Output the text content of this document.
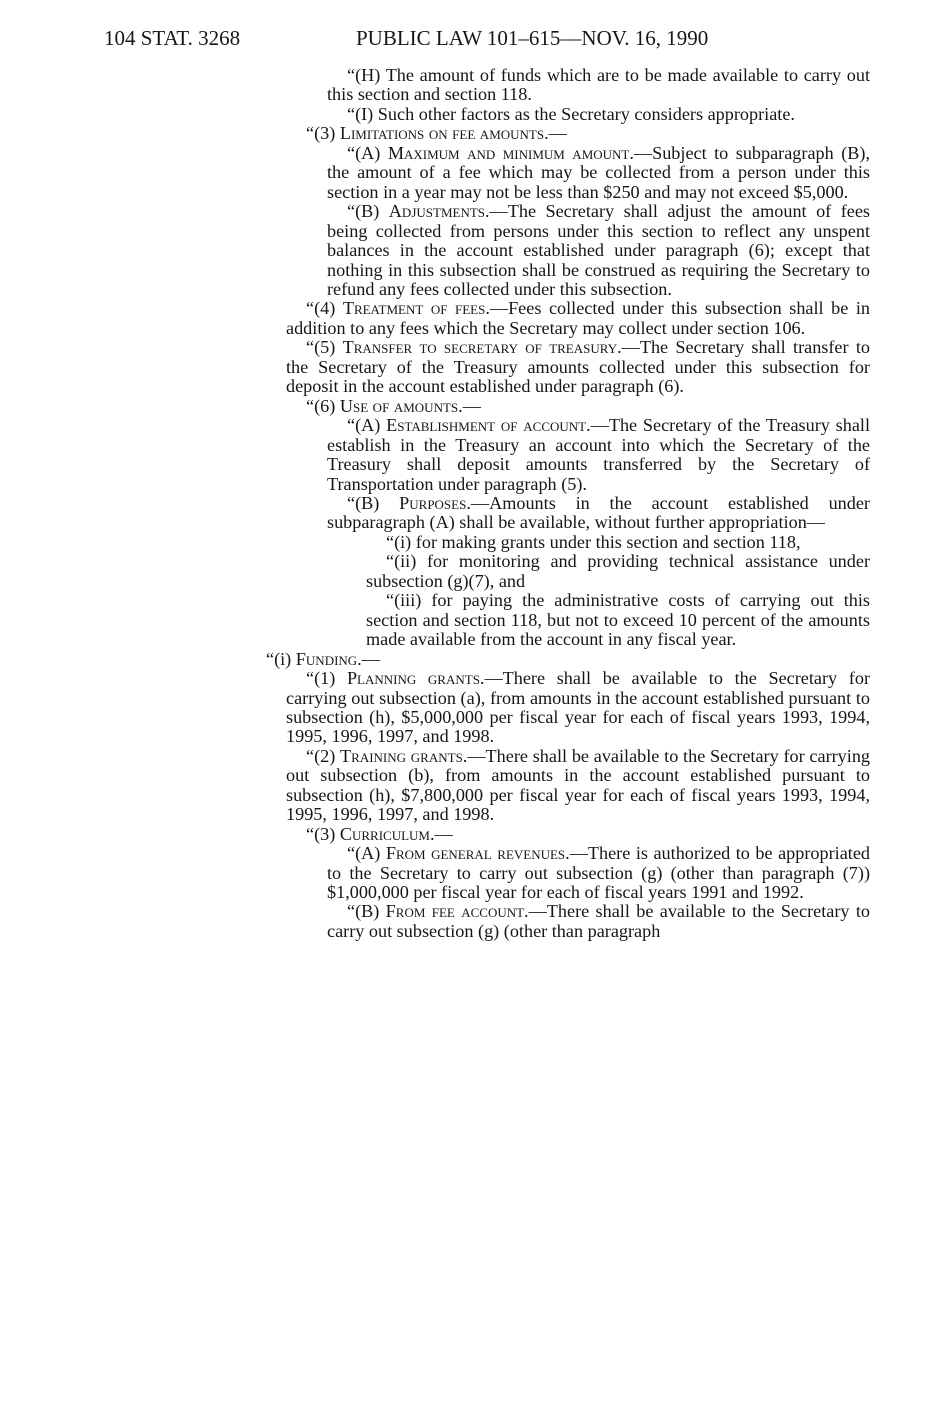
104 STAT. 3268	PUBLIC LAW 101–615—NOV. 16, 1990

“(H) The amount of funds which are to be made available to carry out this section and section 118.

“(I) Such other factors as the Secretary considers appropriate.

“(3) Limitations on fee amounts.—

“(A) Maximum and minimum amount.—Subject to subparagraph (B), the amount of a fee which may be collected from a person under this section in a year may not be less than $250 and may not exceed $5,000.

“(B) Adjustments.—The Secretary shall adjust the amount of fees being collected from persons under this section to reflect any unspent balances in the account established under paragraph (6); except that nothing in this subsection shall be construed as requiring the Secretary to refund any fees collected under this subsection.

“(4) Treatment of fees.—Fees collected under this subsection shall be in addition to any fees which the Secretary may collect under section 106.

“(5) Transfer to secretary of treasury.—The Secretary shall transfer to the Secretary of the Treasury amounts collected under this subsection for deposit in the account established under paragraph (6).

“(6) Use of amounts.—

“(A) Establishment of account.—The Secretary of the Treasury shall establish in the Treasury an account into which the Secretary of the Treasury shall deposit amounts transferred by the Secretary of Transportation under paragraph (5).

“(B) Purposes.—Amounts in the account established under subparagraph (A) shall be available, without further appropriation—

“(i) for making grants under this section and section 118,

“(ii) for monitoring and providing technical assistance under subsection (g)(7), and

“(iii) for paying the administrative costs of carrying out this section and section 118, but not to exceed 10 percent of the amounts made available from the account in any fiscal year.

“(i) Funding.—

“(1) Planning grants.—There shall be available to the Secretary for carrying out subsection (a), from amounts in the account established pursuant to subsection (h), $5,000,000 per fiscal year for each of fiscal years 1993, 1994, 1995, 1996, 1997, and 1998.

“(2) Training grants.—There shall be available to the Secretary for carrying out subsection (b), from amounts in the account established pursuant to subsection (h), $7,800,000 per fiscal year for each of fiscal years 1993, 1994, 1995, 1996, 1997, and 1998.

“(3) Curriculum.—

“(A) From general revenues.—There is authorized to be appropriated to the Secretary to carry out subsection (g) (other than paragraph (7)) $1,000,000 per fiscal year for each of fiscal years 1991 and 1992.

“(B) From fee account.—There shall be available to the Secretary to carry out subsection (g) (other than paragraph
